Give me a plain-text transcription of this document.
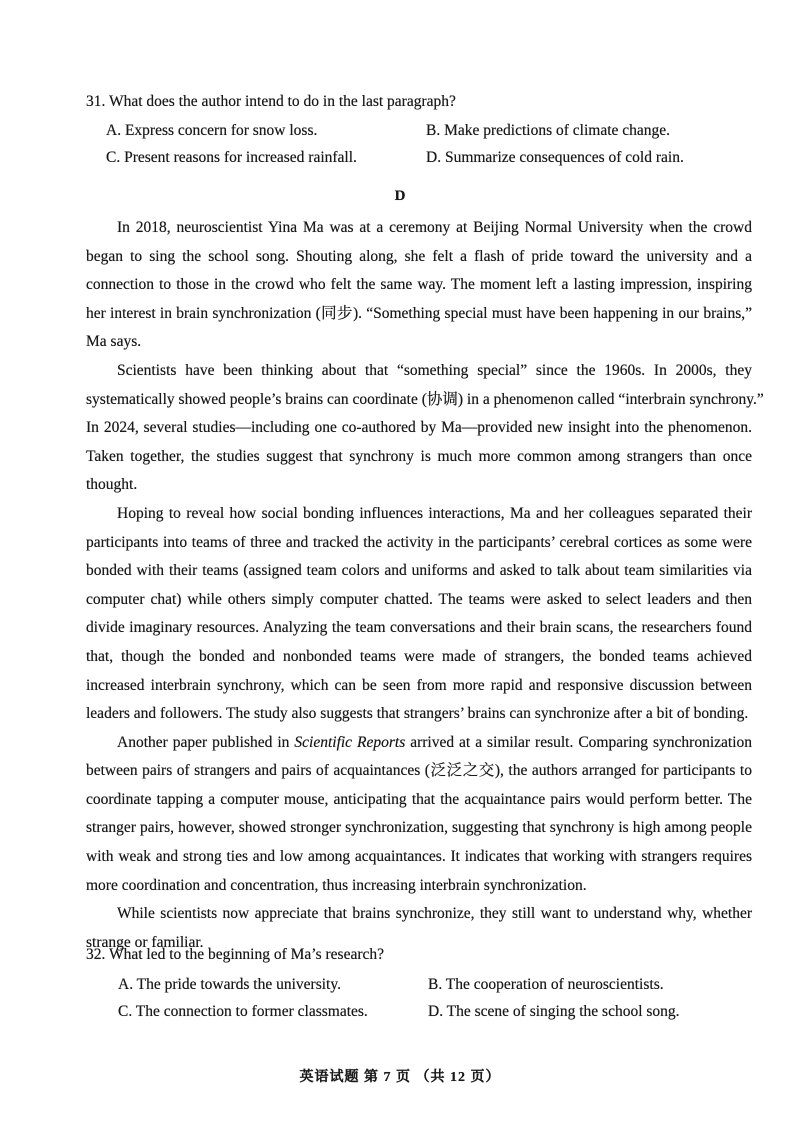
31. What does the author intend to do in the last paragraph?
A. Express concern for snow loss.	B. Make predictions of climate change.
C. Present reasons for increased rainfall.	D. Summarize consequences of cold rain.
D
In 2018, neuroscientist Yina Ma was at a ceremony at Beijing Normal University when the crowd
began to sing the school song. Shouting along, she felt a flash of pride toward the university and a
connection to those in the crowd who felt the same way. The moment left a lasting impression, inspiring
her interest in brain synchronization (同步). “Something special must have been happening in our brains,”
Ma says.
Scientists have been thinking about that “something special” since the 1960s. In 2000s, they
systematically showed people’s brains can coordinate (协调) in a phenomenon called “interbrain synchrony.”
In 2024, several studies—including one co-authored by Ma—provided new insight into the phenomenon.
Taken together, the studies suggest that synchrony is much more common among strangers than once
thought.
Hoping to reveal how social bonding influences interactions, Ma and her colleagues separated their
participants into teams of three and tracked the activity in the participants’ cerebral cortices as some were
bonded with their teams (assigned team colors and uniforms and asked to talk about team similarities via
computer chat) while others simply computer chatted. The teams were asked to select leaders and then
divide imaginary resources. Analyzing the team conversations and their brain scans, the researchers found
that, though the bonded and nonbonded teams were made of strangers, the bonded teams achieved
increased interbrain synchrony, which can be seen from more rapid and responsive discussion between
leaders and followers. The study also suggests that strangers’ brains can synchronize after a bit of bonding.
Another paper published in Scientific Reports arrived at a similar result. Comparing synchronization
between pairs of strangers and pairs of acquaintances (泛泛之交), the authors arranged for participants to
coordinate tapping a computer mouse, anticipating that the acquaintance pairs would perform better. The
stranger pairs, however, showed stronger synchronization, suggesting that synchrony is high among people
with weak and strong ties and low among acquaintances. It indicates that working with strangers requires
more coordination and concentration, thus increasing interbrain synchronization.
While scientists now appreciate that brains synchronize, they still want to understand why, whether
strange or familiar.
32. What led to the beginning of Ma’s research?
A. The pride towards the university.	B. The cooperation of neuroscientists.
C. The connection to former classmates.	D. The scene of singing the school song.
英语试题 第 7 页 （共 12 页）
